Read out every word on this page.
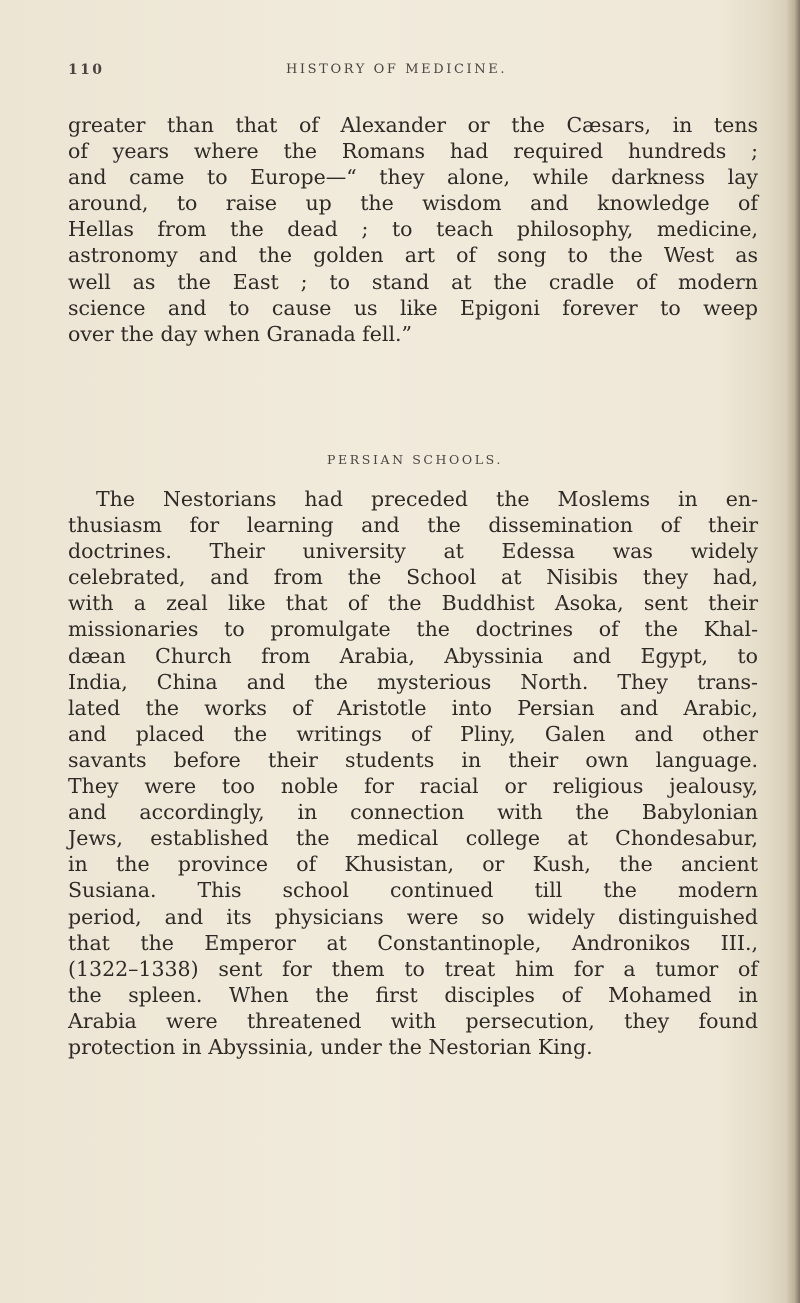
110	HISTORY OF MEDICINE.

greater than that of Alexander or the Cæsars, in tens
of years where the Romans had required hundreds ;
and came to Europe—“ they alone, while darkness lay
around, to raise up the wisdom and knowledge of
Hellas from the dead ; to teach philosophy, medicine,
astronomy and the golden art of song to the West as
well as the East ; to stand at the cradle of modern
science and to cause us like Epigoni forever to weep
over the day when Granada fell.”

PERSIAN SCHOOLS.

The Nestorians had preceded the Moslems in en-
thusiasm for learning and the dissemination of their
doctrines. Their university at Edessa was widely
celebrated, and from the School at Nisibis they had,
with a zeal like that of the Buddhist Asoka, sent their
missionaries to promulgate the doctrines of the Khal-
dæan Church from Arabia, Abyssinia and Egypt, to
India, China and the mysterious North. They trans-
lated the works of Aristotle into Persian and Arabic,
and placed the writings of Pliny, Galen and other
savants before their students in their own language.
They were too noble for racial or religious jealousy,
and accordingly, in connection with the Babylonian
Jews, established the medical college at Chondesabur,
in the province of Khusistan, or Kush, the ancient
Susiana. This school continued till the modern
period, and its physicians were so widely distinguished
that the Emperor at Constantinople, Andronikos III.,
(1322–1338) sent for them to treat him for a tumor of
the spleen. When the first disciples of Mohamed in
Arabia were threatened with persecution, they found
protection in Abyssinia, under the Nestorian King.
